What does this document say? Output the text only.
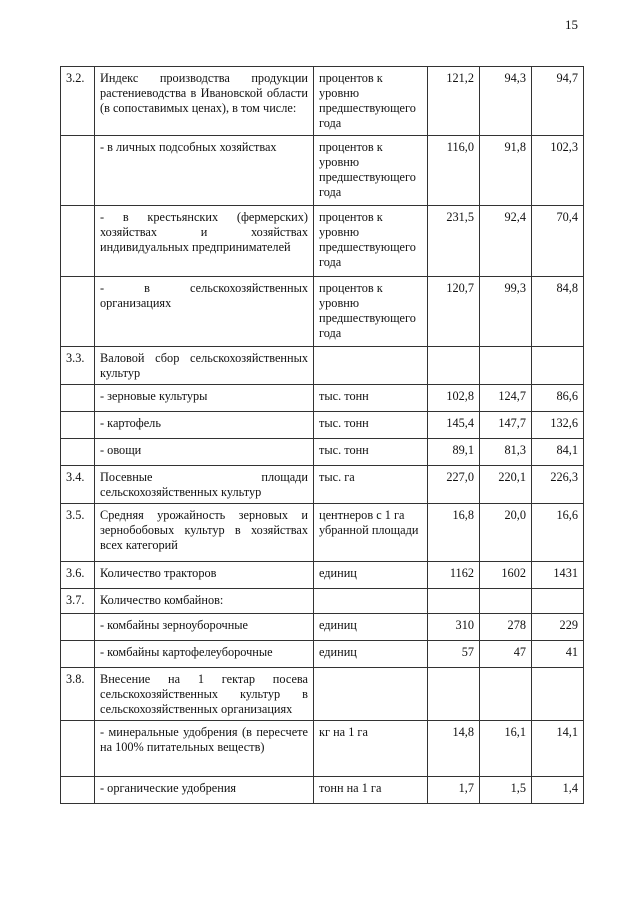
15
3.2.	Индекс производства продукции растениеводства в Ивановской области (в сопоставимых ценах), в том числе:	процентов к уровню предшествующего года	121,2	94,3	94,7
	- в личных подсобных хозяйствах	процентов к уровню предшествующего года	116,0	91,8	102,3
	- в крестьянских (фермерских) хозяйствах и хозяйствах индивидуальных предпринимателей	процентов к уровню предшествующего года	231,5	92,4	70,4
	- в сельскохозяйственных организациях	процентов к уровню предшествующего года	120,7	99,3	84,8
3.3.	Валовой сбор сельскохозяйственных культур				
	- зерновые культуры	тыс. тонн	102,8	124,7	86,6
	- картофель	тыс. тонн	145,4	147,7	132,6
	- овощи	тыс. тонн	89,1	81,3	84,1
3.4.	Посевные площади сельскохозяйственных культур	тыс. га	227,0	220,1	226,3
3.5.	Средняя урожайность зерновых и зернобобовых культур в хозяйствах всех категорий	центнеров с 1 га убранной площади	16,8	20,0	16,6
3.6.	Количество тракторов	единиц	1162	1602	1431
3.7.	Количество комбайнов:				
	- комбайны зерноуборочные	единиц	310	278	229
	- комбайны картофелеуборочные	единиц	57	47	41
3.8.	Внесение на 1 гектар посева сельскохозяйственных культур в сельскохозяйственных организациях				
	- минеральные удобрения (в пересчете на 100% питательных веществ)	кг на 1 га	14,8	16,1	14,1
	- органические удобрения	тонн на 1 га	1,7	1,5	1,4
